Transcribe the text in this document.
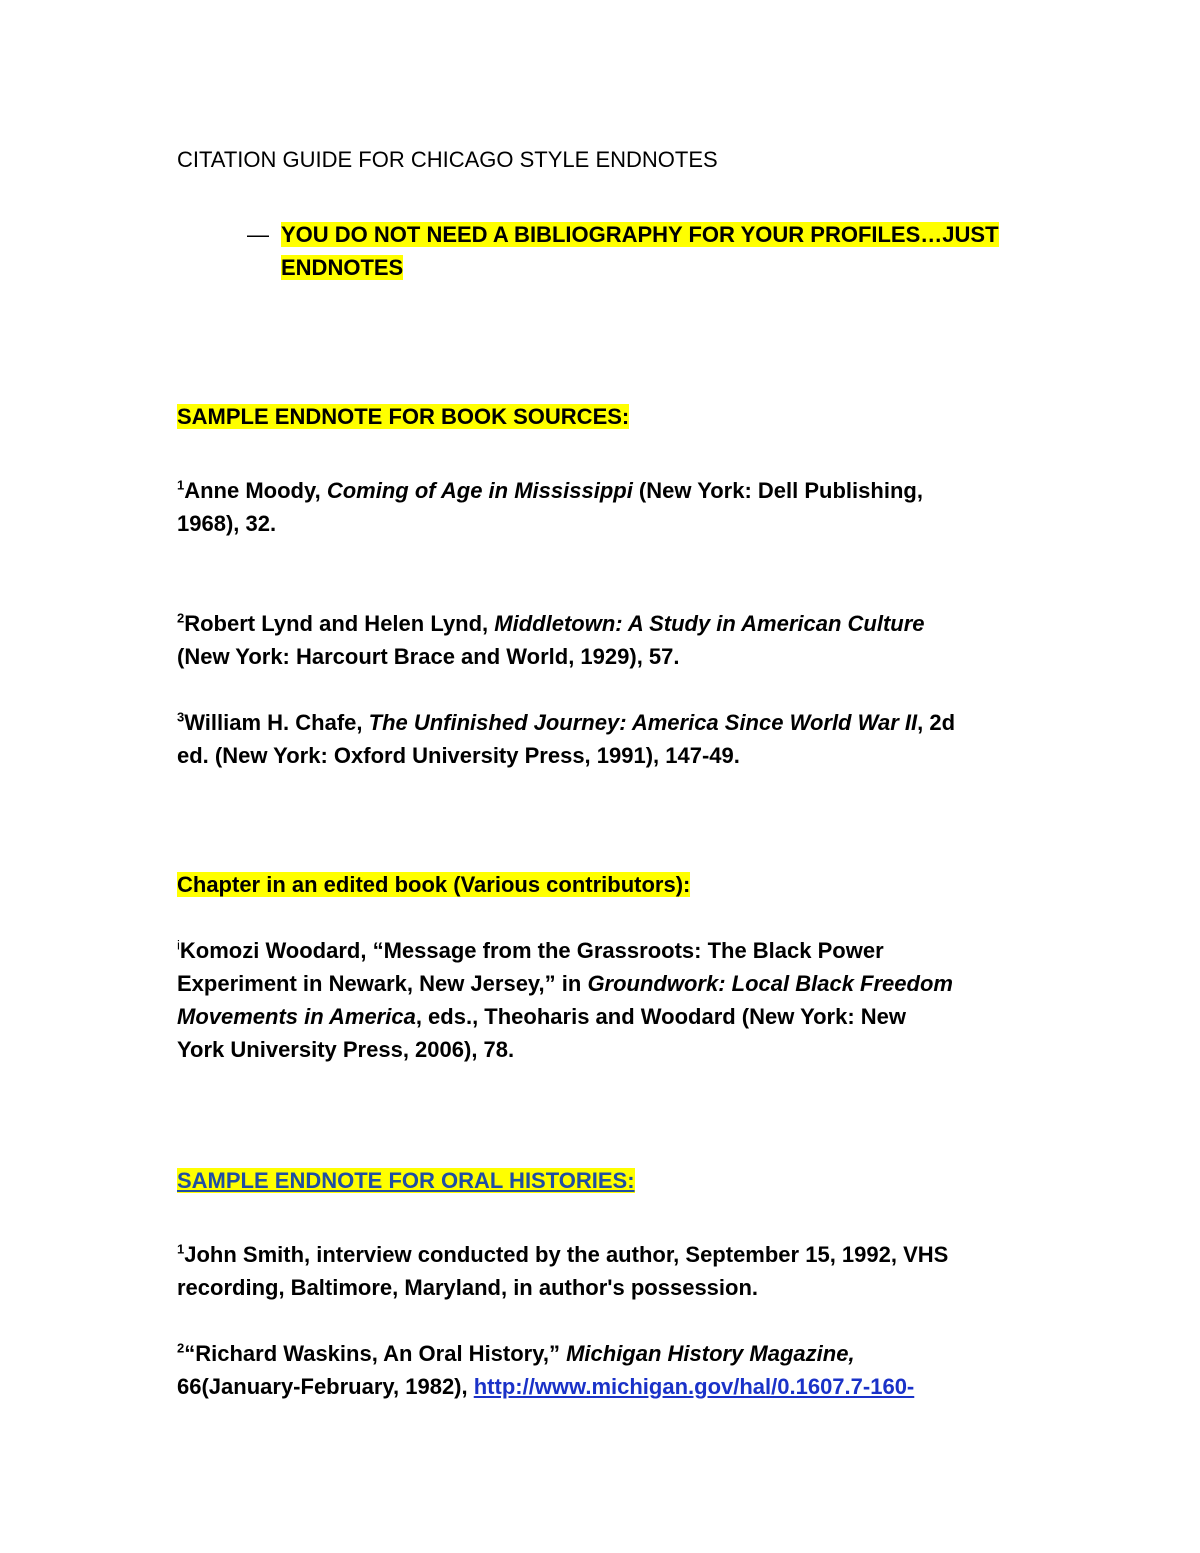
CITATION GUIDE FOR CHICAGO STYLE ENDNOTES
— YOU DO NOT NEED A BIBLIOGRAPHY FOR YOUR PROFILES…JUST
ENDNOTES
SAMPLE ENDNOTE FOR BOOK SOURCES:
$^1$Anne Moody, Coming of Age in Mississippi (New York: Dell Publishing,
1968), 32.
$^2$Robert Lynd and Helen Lynd, Middletown: A Study in American Culture
(New York: Harcourt Brace and World, 1929), 57.
$^3$William H. Chafe, The Unfinished Journey: America Since World War II, 2d
ed. (New York: Oxford University Press, 1991), 147-49.
Chapter in an edited book (Various contributors):
$^i$Komozi Woodard, “Message from the Grassroots: The Black Power
Experiment in Newark, New Jersey,” in Groundwork: Local Black Freedom
Movements in America, eds., Theoharis and Woodard (New York: New
York University Press, 2006), 78.
SAMPLE ENDNOTE FOR ORAL HISTORIES:
$^1$John Smith, interview conducted by the author, September 15, 1992, VHS
recording, Baltimore, Maryland, in author's possession.
$^2$“Richard Waskins, An Oral History,” Michigan History Magazine,
66(January-February, 1982), http://www.michigan.gov/hal/0.1607.7-160-
